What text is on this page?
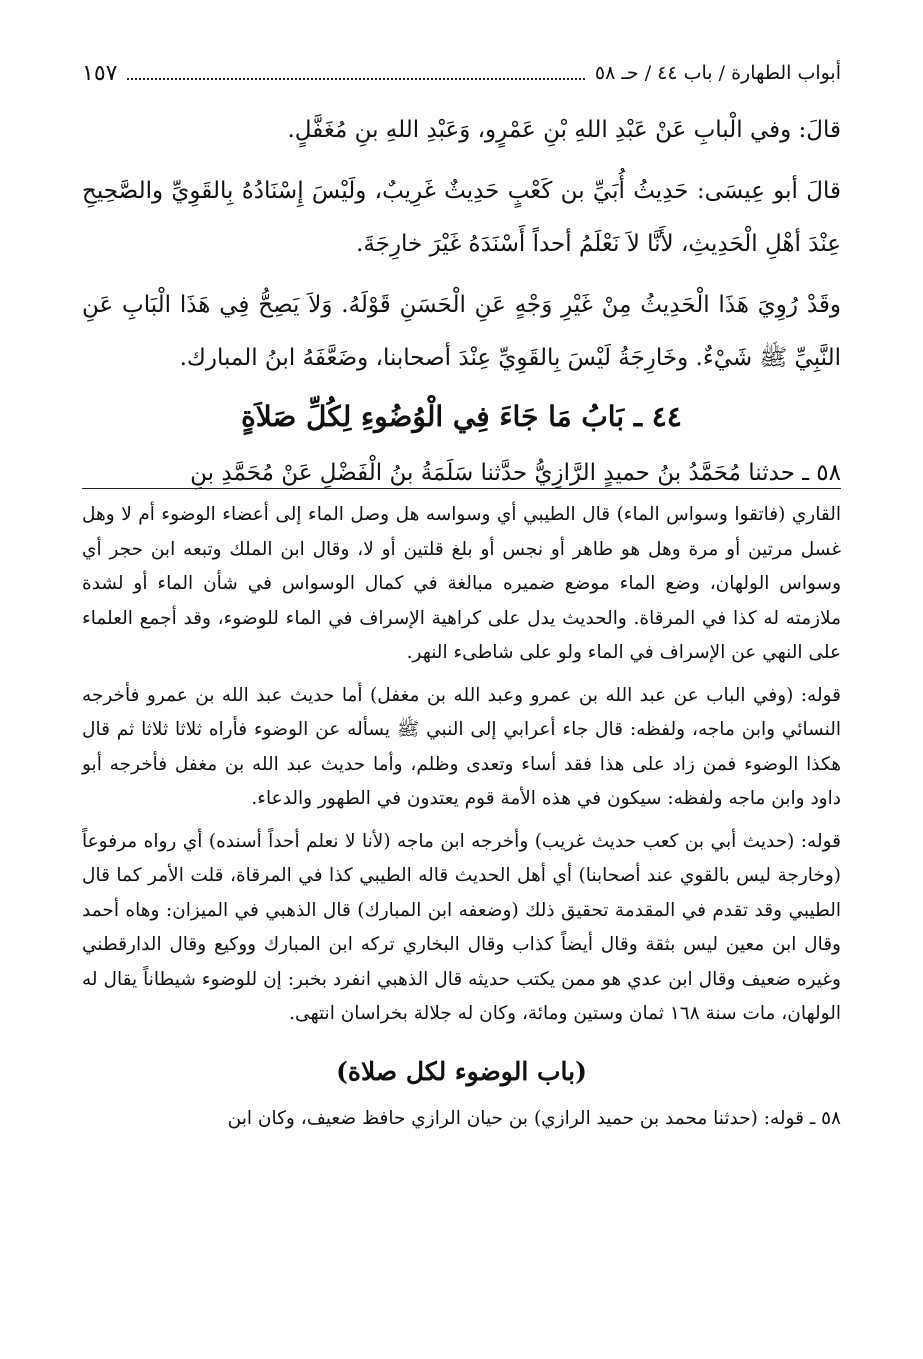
أبواب الطهارة / باب ٤٤ / حـ ٥٨
١٥٧

قالَ: وفي الْبابِ عَنْ عَبْدِ اللهِ بْنِ عَمْرٍو، وَعَبْدِ اللهِ بنِ مُغَفَّلٍ.

قالَ أبو عِيسَى: حَدِيثُ أُبَيِّ بن كَعْبٍ حَدِيثٌ غَرِيبٌ، ولَيْسَ إِسْنَادُهُ بِالقَوِيِّ والصَّحِيحِ عِنْدَ أهْلِ الْحَدِيثِ، لأَنَّا لاَ نَعْلَمُ أحداً أَسْنَدَهُ غَيْرَ خارِجَةَ.

وقَدْ رُوِيَ هَذَا الْحَدِيثُ مِنْ غَيْرِ وَجْهٍ عَنِ الْحَسَنِ قَوْلَهُ. وَلاَ يَصِحُّ فِي هَذَا الْبَابِ عَنِ النَّبِيِّ ﷺ شَيْءٌ. وخَارِجَةُ لَيْسَ بِالقَوِيِّ عِنْدَ أصحابنا، وضَعَّفَهُ ابنُ المبارك.

٤٤ ـ بَابُ مَا جَاءَ فِي الْوُضُوءِ لِكُلِّ صَلاَةٍ

٥٨ ـ حدثنا مُحَمَّدُ بنُ حميدٍ الرَّازِيُّ حدَّثنا سَلَمَةُ بنُ الْفَضْلِ عَنْ مُحَمَّدِ بنِ

القاري (فاتقوا وسواس الماء) قال الطيبي أي وسواسه هل وصل الماء إلى أعضاء الوضوء أم لا وهل غسل مرتين أو مرة وهل هو طاهر أو نجس أو بلغ قلتين أو لا، وقال ابن الملك وتبعه ابن حجر أي وسواس الولهان، وضع الماء موضع ضميره مبالغة في كمال الوسواس في شأن الماء أو لشدة ملازمته له كذا في المرقاة. والحديث يدل على كراهية الإسراف في الماء للوضوء، وقد أجمع العلماء على النهي عن الإسراف في الماء ولو على شاطىء النهر.

قوله: (وفي الباب عن عبد الله بن عمرو وعبد الله بن مغفل) أما حديث عبد الله بن عمرو فأخرجه النسائي وابن ماجه، ولفظه: قال جاء أعرابي إلى النبي ﷺ يسأله عن الوضوء فأراه ثلاثا ثلاثا ثم قال هكذا الوضوء فمن زاد على هذا فقد أساء وتعدى وظلم، وأما حديث عبد الله بن مغفل فأخرجه أبو داود وابن ماجه ولفظه: سيكون في هذه الأمة قوم يعتدون في الطهور والدعاء.

قوله: (حديث أبي بن كعب حديث غريب) وأخرجه ابن ماجه (لأنا لا نعلم أحداً أسنده) أي رواه مرفوعاً (وخارجة ليس بالقوي عند أصحابنا) أي أهل الحديث قاله الطيبي كذا في المرقاة، قلت الأمر كما قال الطيبي وقد تقدم في المقدمة تحقيق ذلك (وضعفه ابن المبارك) قال الذهبي في الميزان: وهاه أحمد وقال ابن معين ليس بثقة وقال أيضاً كذاب وقال البخاري تركه ابن المبارك ووكيع وقال الدارقطني وغيره ضعيف وقال ابن عدي هو ممن يكتب حديثه قال الذهبي انفرد بخبر: إن للوضوء شيطاناً يقال له الولهان، مات سنة ١٦٨ ثمان وستين ومائة، وكان له جلالة بخراسان انتهى.

(باب الوضوء لكل صلاة)

٥٨ ـ قوله: (حدثنا محمد بن حميد الرازي) بن حيان الرازي حافظ ضعيف، وكان ابن
